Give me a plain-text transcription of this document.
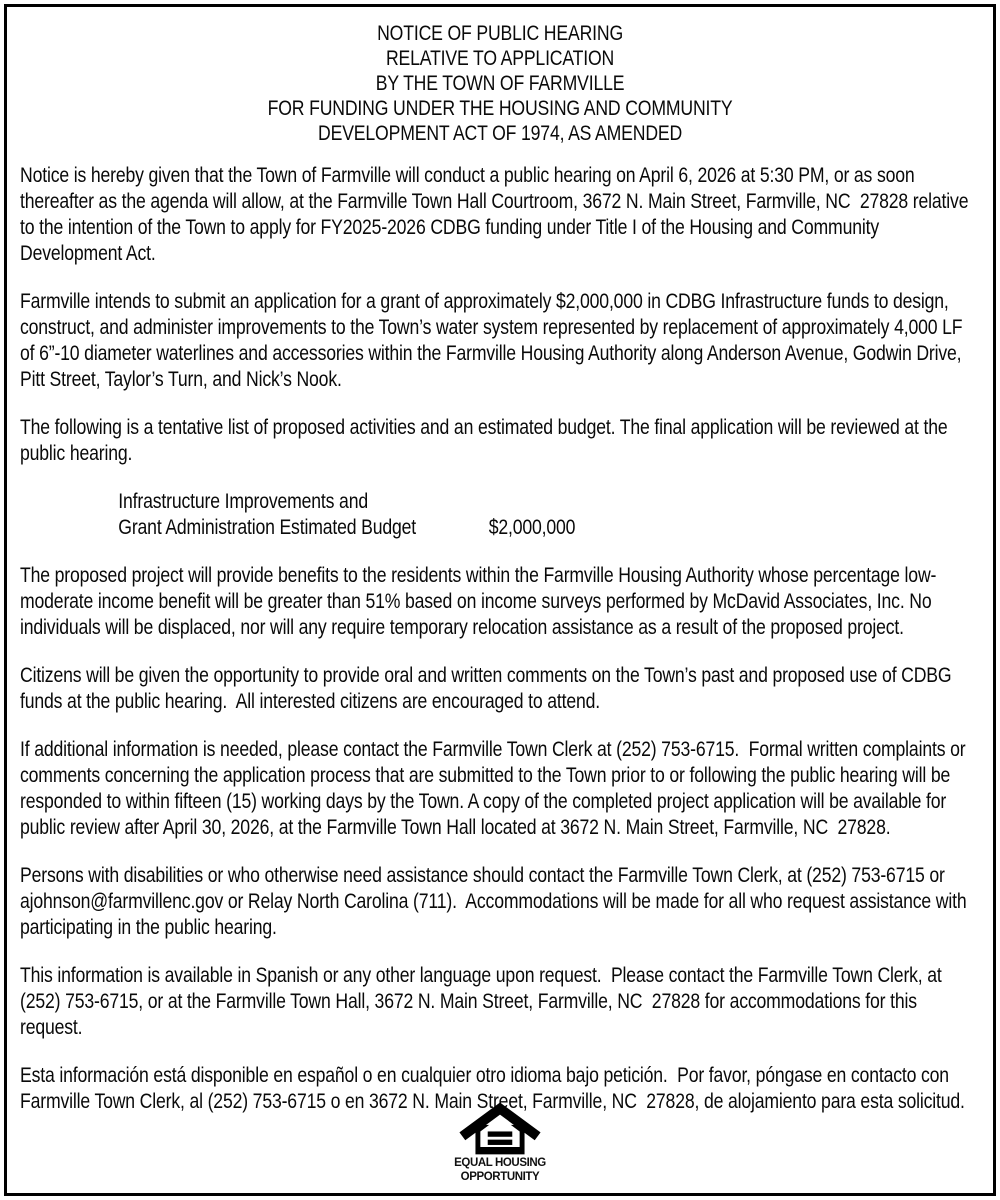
NOTICE OF PUBLIC HEARING
RELATIVE TO APPLICATION
BY THE TOWN OF FARMVILLE
FOR FUNDING UNDER THE HOUSING AND COMMUNITY
DEVELOPMENT ACT OF 1974, AS AMENDED
Notice is hereby given that the Town of Farmville will conduct a public hearing on April 6, 2026 at 5:30 PM, or as soon thereafter as the agenda will allow, at the Farmville Town Hall Courtroom, 3672 N. Main Street, Farmville, NC  27828 relative to the intention of the Town to apply for FY2025-2026 CDBG funding under Title I of the Housing and Community Development Act.
Farmville intends to submit an application for a grant of approximately $2,000,000 in CDBG Infrastructure funds to design, construct, and administer improvements to the Town’s water system represented by replacement of approximately 4,000 LF of 6”-10 diameter waterlines and accessories within the Farmville Housing Authority along Anderson Avenue, Godwin Drive, Pitt Street, Taylor’s Turn, and Nick’s Nook.
The following is a tentative list of proposed activities and an estimated budget. The final application will be reviewed at the public hearing.
Infrastructure Improvements and
Grant Administration Estimated Budget	$2,000,000
The proposed project will provide benefits to the residents within the Farmville Housing Authority whose percentage low-moderate income benefit will be greater than 51% based on income surveys performed by McDavid Associates, Inc. No individuals will be displaced, nor will any require temporary relocation assistance as a result of the proposed project.
Citizens will be given the opportunity to provide oral and written comments on the Town’s past and proposed use of CDBG funds at the public hearing.  All interested citizens are encouraged to attend.
If additional information is needed, please contact the Farmville Town Clerk at (252) 753-6715.  Formal written complaints or comments concerning the application process that are submitted to the Town prior to or following the public hearing will be responded to within fifteen (15) working days by the Town. A copy of the completed project application will be available for public review after April 30, 2026, at the Farmville Town Hall located at 3672 N. Main Street, Farmville, NC  27828.
Persons with disabilities or who otherwise need assistance should contact the Farmville Town Clerk, at (252) 753-6715 or ajohnson@farmvillenc.gov or Relay North Carolina (711).  Accommodations will be made for all who request assistance with participating in the public hearing.
This information is available in Spanish or any other language upon request.  Please contact the Farmville Town Clerk, at (252) 753-6715, or at the Farmville Town Hall, 3672 N. Main Street, Farmville, NC  27828 for accommodations for this request.
Esta información está disponible en español o en cualquier otro idioma bajo petición.  Por favor, póngase en contacto con Farmville Town Clerk, al (252) 753-6715 o en 3672 N. Main Street, Farmville, NC  27828, de alojamiento para esta solicitud.
EQUAL HOUSING
OPPORTUNITY
